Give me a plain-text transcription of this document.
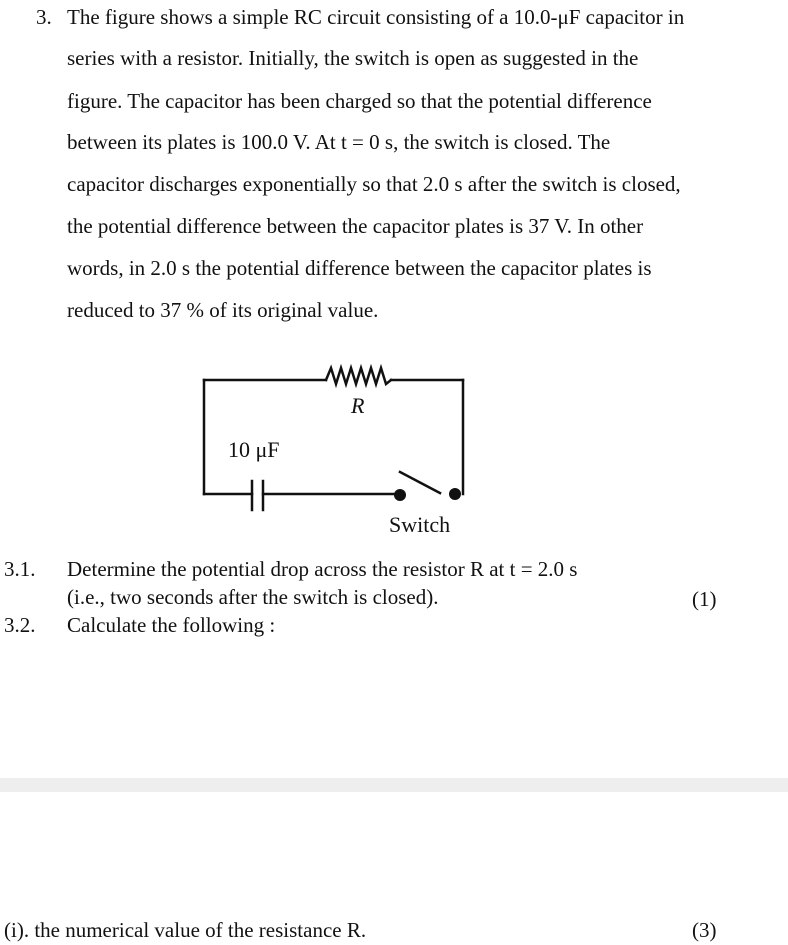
3. The figure shows a simple RC circuit consisting of a 10.0-μF capacitor in
series with a resistor. Initially, the switch is open as suggested in the
figure. The capacitor has been charged so that the potential difference
between its plates is 100.0 V. At t = 0 s, the switch is closed. The
capacitor discharges exponentially so that 2.0 s after the switch is closed,
the potential difference between the capacitor plates is 37 V. In other
words, in 2.0 s the potential difference between the capacitor plates is
reduced to 37 % of its original value.
R
10 μF
Switch
3.1. Determine the potential drop across the resistor R at t = 2.0 s
(i.e., two seconds after the switch is closed).	(1)
3.2. Calculate the following :
(i). the numerical value of the resistance R.	(3)
